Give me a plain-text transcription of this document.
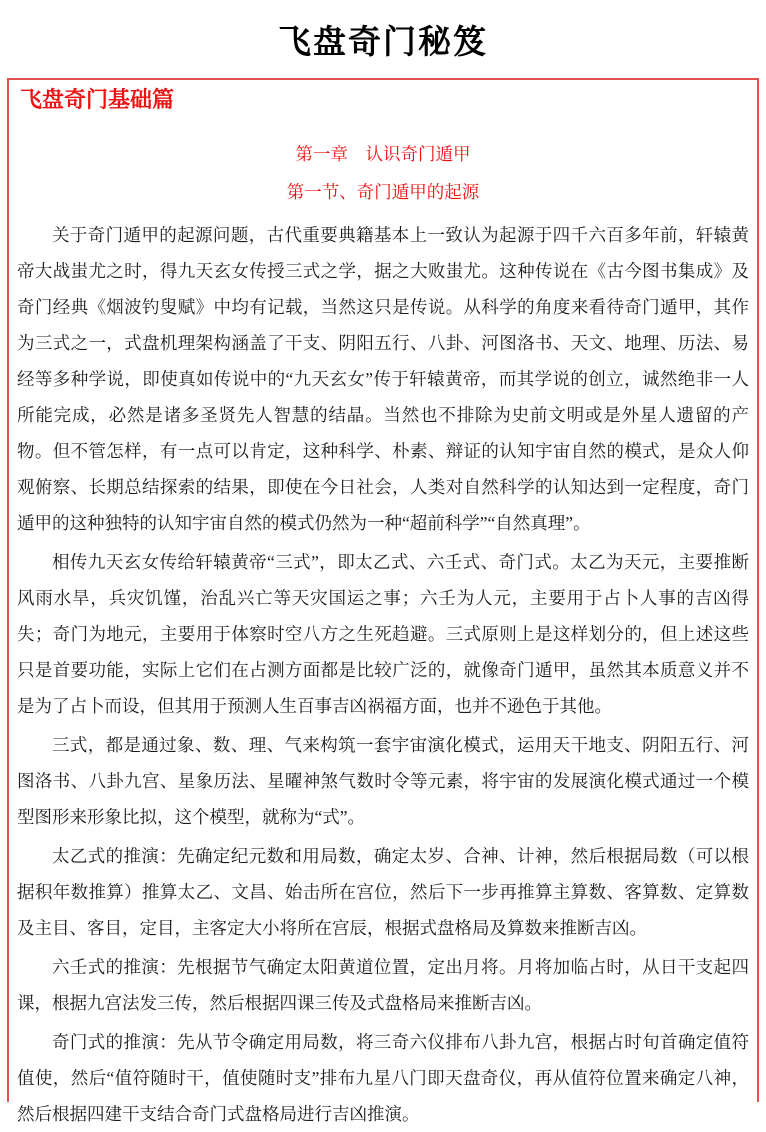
飞盘奇门秘笈
飞盘奇门基础篇
第一章　认识奇门遁甲
第一节、奇门遁甲的起源

关于奇门遁甲的起源问题，古代重要典籍基本上一致认为起源于四千六百多年前，轩辕黄帝大战蚩尤之时，得九天玄女传授三式之学，据之大败蚩尤。这种传说在《古今图书集成》及奇门经典《烟波钓叟赋》中均有记载，当然这只是传说。从科学的角度来看待奇门遁甲，其作为三式之一，式盘机理架构涵盖了干支、阴阳五行、八卦、河图洛书、天文、地理、历法、易经等多种学说，即使真如传说中的“九天玄女”传于轩辕黄帝，而其学说的创立，诚然绝非一人所能完成，必然是诸多圣贤先人智慧的结晶。当然也不排除为史前文明或是外星人遗留的产物。但不管怎样，有一点可以肯定，这种科学、朴素、辩证的认知宇宙自然的模式，是众人仰观俯察、长期总结探索的结果，即使在今日社会，人类对自然科学的认知达到一定程度，奇门遁甲的这种独特的认知宇宙自然的模式仍然为一种“超前科学”“自然真理”。

相传九天玄女传给轩辕黄帝“三式”，即太乙式、六壬式、奇门式。太乙为天元，主要推断风雨水旱，兵灾饥馑，治乱兴亡等天灾国运之事；六壬为人元，主要用于占卜人事的吉凶得失；奇门为地元，主要用于体察时空八方之生死趋避。三式原则上是这样划分的，但上述这些只是首要功能，实际上它们在占测方面都是比较广泛的，就像奇门遁甲，虽然其本质意义并不是为了占卜而设，但其用于预测人生百事吉凶祸福方面，也并不逊色于其他。

三式，都是通过象、数、理、气来构筑一套宇宙演化模式，运用天干地支、阴阳五行、河图洛书、八卦九宫、星象历法、星曜神煞气数时令等元素，将宇宙的发展演化模式通过一个模型图形来形象比拟，这个模型，就称为“式”。

太乙式的推演：先确定纪元数和用局数，确定太岁、合神、计神，然后根据局数（可以根据积年数推算）推算太乙、文昌、始击所在宫位，然后下一步再推算主算数、客算数、定算数及主目、客目，定目，主客定大小将所在宫辰，根据式盘格局及算数来推断吉凶。

六壬式的推演：先根据节气确定太阳黄道位置，定出月将。月将加临占时，从日干支起四课，根据九宫法发三传，然后根据四课三传及式盘格局来推断吉凶。

奇门式的推演：先从节令确定用局数，将三奇六仪排布八卦九宫，根据占时旬首确定值符值使，然后“值符随时干，值使随时支”排布九星八门即天盘奇仪，再从值符位置来确定八神，然后根据四建干支结合奇门式盘格局进行吉凶推演。
